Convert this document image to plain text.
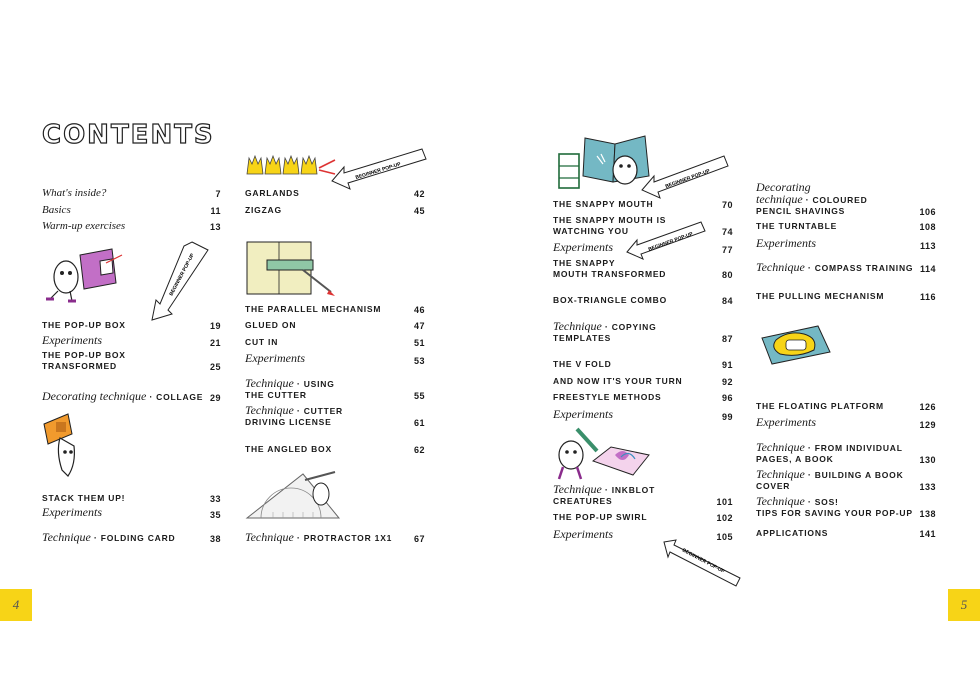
CONTENTS
What's inside?	7
Basics	11
Warm-up exercises	13
THE POP-UP BOX	19
Experiments	21
THE POP-UP BOX
TRANSFORMED	25
Decorating technique · COLLAGE 29
STACK THEM UP!	33
Experiments	35
Technique · FOLDING CARD	38
GARLANDS	42
ZIGZAG	45
THE PARALLEL MECHANISM	46
GLUED ON	47
CUT IN	51
Experiments	53
Technique · USING
THE CUTTER	55
Technique · CUTTER
DRIVING LICENSE	61
THE ANGLED BOX	62
Technique · PROTRACTOR 1X1 67
THE SNAPPY MOUTH	70
THE SNAPPY MOUTH IS
WATCHING YOU	74
Experiments	77
THE SNAPPY
MOUTH TRANSFORMED	80
BOX-TRIANGLE COMBO	84
Technique · COPYING
TEMPLATES	87
THE V FOLD	91
AND NOW IT'S YOUR TURN	92
FREESTYLE METHODS	96
Experiments	99
Technique · INKBLOT CREATURES	101
THE POP-UP SWIRL	102
Experiments	105
Decorating technique · COLOURED
PENCIL SHAVINGS	106
THE TURNTABLE	108
Experiments	113
Technique · COMPASS TRAINING 114
THE PULLING MECHANISM	116
THE FLOATING PLATFORM	126
Experiments	129
Technique · FROM INDIVIDUAL
PAGES, A BOOK	130
Technique · BUILDING A BOOK
COVER	133
Technique · SOS!
TIPS FOR SAVING YOUR POP-UP 138
APPLICATIONS	141
BEGINNER POP-UP
BEGINNER POP-UP	BEGINNER POP-UP
BEGINNER POP-UP
BEGINNER POP-UP
4	5
